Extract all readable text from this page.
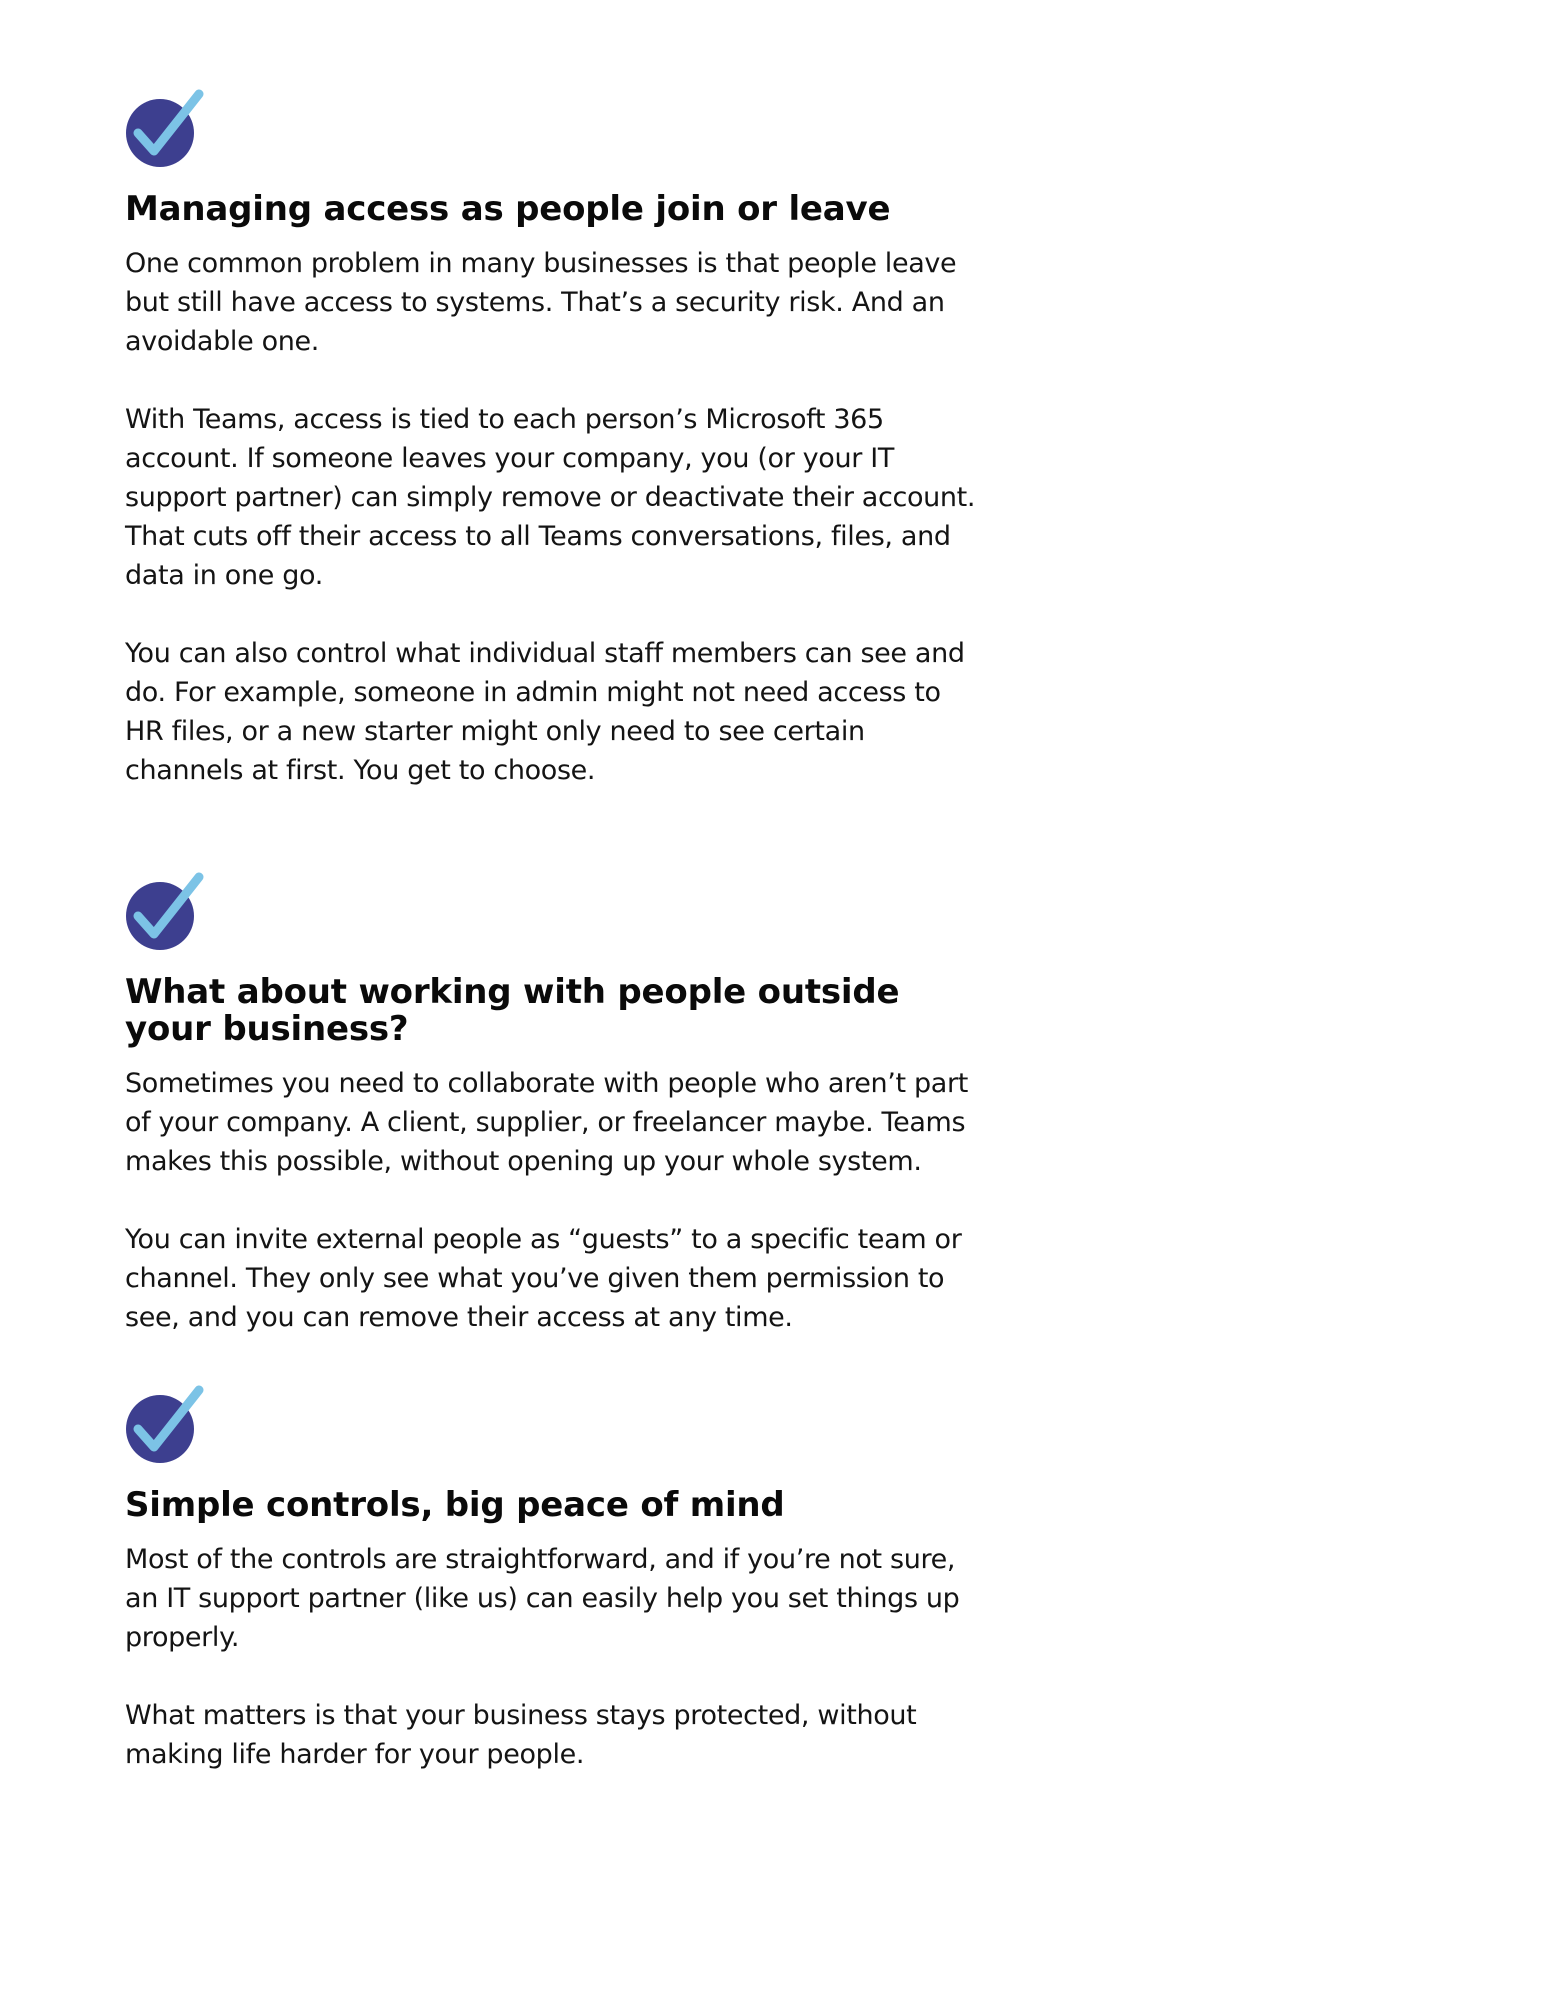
Managing access as people join or leave

One common problem in many businesses is that people leave but still have access to systems. That’s a security risk. And an avoidable one.

With Teams, access is tied to each person’s Microsoft 365 account. If someone leaves your company, you (or your IT support partner) can simply remove or deactivate their account. That cuts off their access to all Teams conversations, files, and data in one go.

You can also control what individual staff members can see and do. For example, someone in admin might not need access to HR files, or a new starter might only need to see certain channels at first. You get to choose.

What about working with people outside your business?

Sometimes you need to collaborate with people who aren’t part of your company. A client, supplier, or freelancer maybe. Teams makes this possible, without opening up your whole system.

You can invite external people as “guests” to a specific team or channel. They only see what you’ve given them permission to see, and you can remove their access at any time.

Simple controls, big peace of mind

Most of the controls are straightforward, and if you’re not sure, an IT support partner (like us) can easily help you set things up properly.

What matters is that your business stays protected, without making life harder for your people.
